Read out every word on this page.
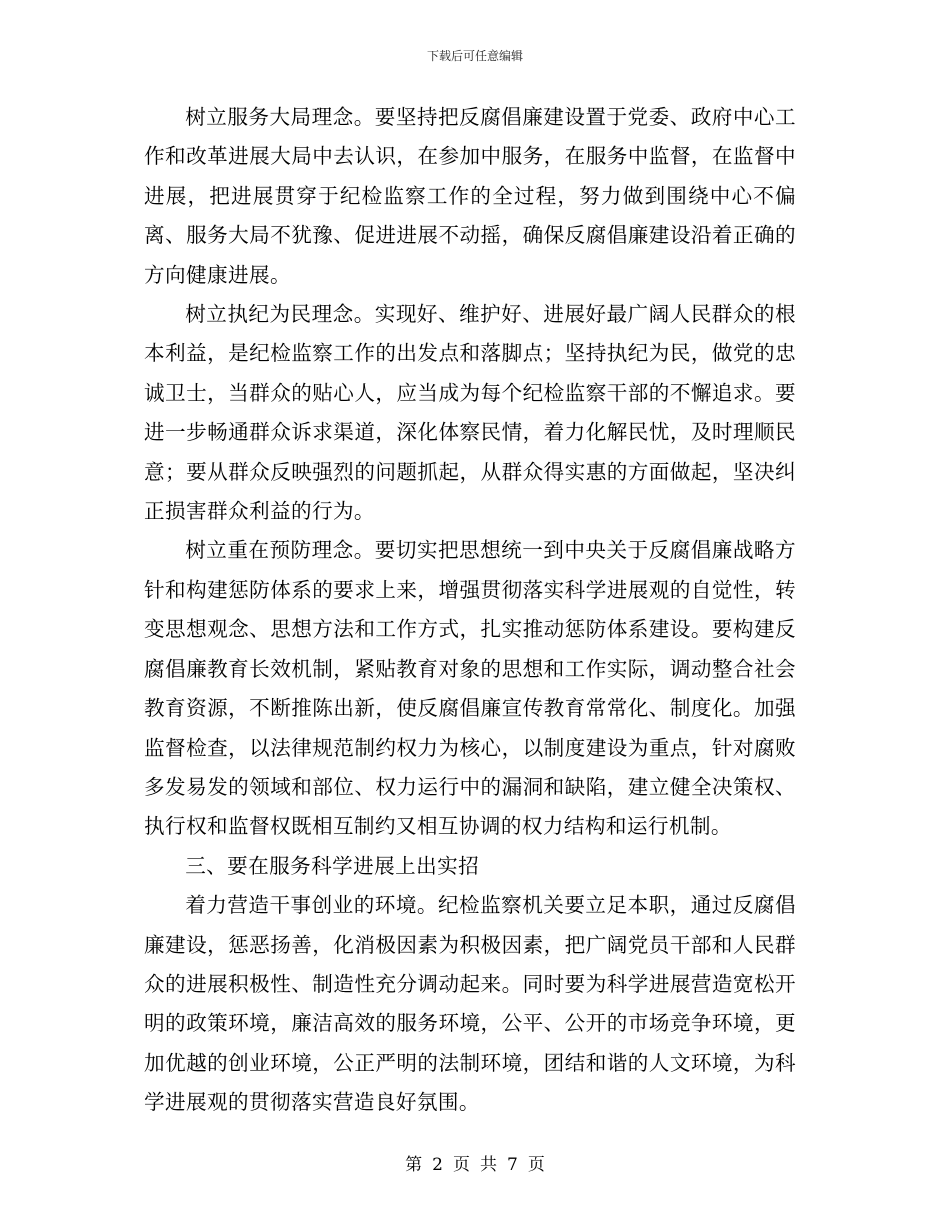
下载后可任意编辑

树立服务大局理念。要坚持把反腐倡廉建设置于党委、政府中心工作和改革进展大局中去认识，在参加中服务，在服务中监督，在监督中进展，把进展贯穿于纪检监察工作的全过程，努力做到围绕中心不偏离、服务大局不犹豫、促进进展不动摇，确保反腐倡廉建设沿着正确的方向健康进展。

树立执纪为民理念。实现好、维护好、进展好最广阔人民群众的根本利益，是纪检监察工作的出发点和落脚点；坚持执纪为民，做党的忠诚卫士，当群众的贴心人，应当成为每个纪检监察干部的不懈追求。要进一步畅通群众诉求渠道，深化体察民情，着力化解民忧，及时理顺民意；要从群众反映强烈的问题抓起，从群众得实惠的方面做起，坚决纠正损害群众利益的行为。

树立重在预防理念。要切实把思想统一到中央关于反腐倡廉战略方针和构建惩防体系的要求上来，增强贯彻落实科学进展观的自觉性，转变思想观念、思想方法和工作方式，扎实推动惩防体系建设。要构建反腐倡廉教育长效机制，紧贴教育对象的思想和工作实际，调动整合社会教育资源，不断推陈出新，使反腐倡廉宣传教育常常化、制度化。加强监督检查，以法律规范制约权力为核心，以制度建设为重点，针对腐败多发易发的领域和部位、权力运行中的漏洞和缺陷，建立健全决策权、执行权和监督权既相互制约又相互协调的权力结构和运行机制。

三、要在服务科学进展上出实招

着力营造干事创业的环境。纪检监察机关要立足本职，通过反腐倡廉建设，惩恶扬善，化消极因素为积极因素，把广阔党员干部和人民群众的进展积极性、制造性充分调动起来。同时要为科学进展营造宽松开明的政策环境，廉洁高效的服务环境，公平、公开的市场竞争环境，更加优越的创业环境，公正严明的法制环境，团结和谐的人文环境，为科学进展观的贯彻落实营造良好氛围。

第 2 页 共 7 页
